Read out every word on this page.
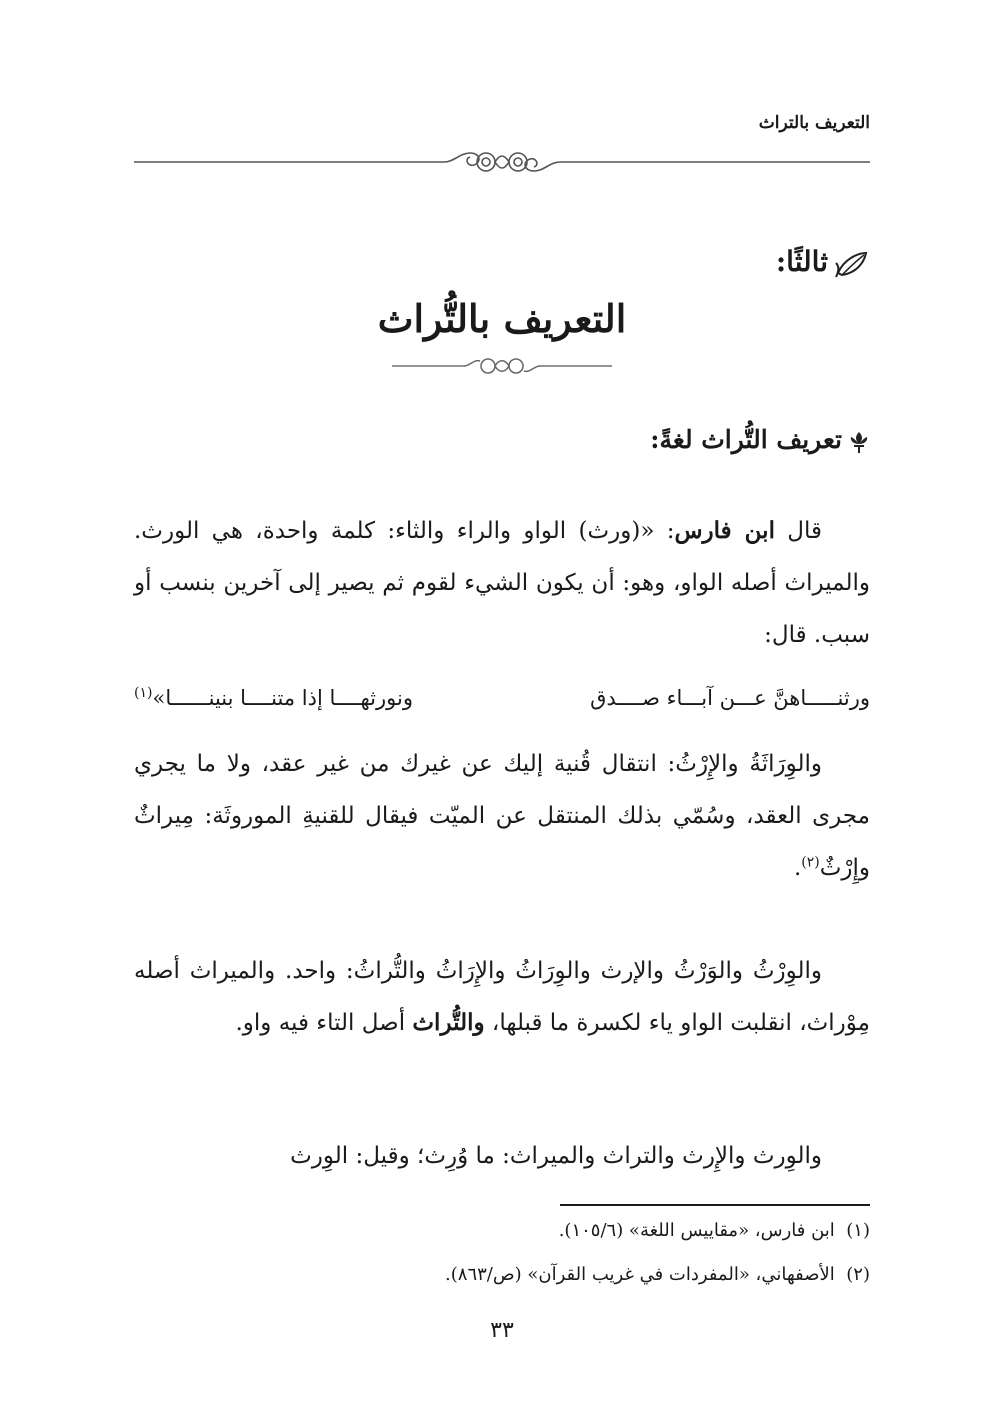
التعريف بالتراث
ثالثًا:
التعريف بالتُّراث
تعريف التُّراث لغةً:
قال ابن فارس: «(ورث) الواو والراء والثاء: كلمة واحدة، هي الورث. والميراث أصله الواو، وهو: أن يكون الشيء لقوم ثم يصير إلى آخرين بنسب أو سبب. قال:
ورثنـــــاهنَّ عـــن آبـــاء صــــدق
ونورثهــــا إذا متنــــا بنينــــــا»$^{(١)}$
والوِرَاثَةُ والإِرْثُ: انتقال قُنية إليك عن غيرك من غير عقد، ولا ما يجري مجرى العقد، وسُمّي بذلك المنتقل عن الميّت فيقال للقنيةِ الموروثَة: مِيراثٌ وإِرْثٌ$^{(٢)}$.
والوِرْثُ والوَرْثُ والإرث والوِرَاثُ والإِرَاثُ والتُّراثُ: واحد. والميراث أصله مِوْراث، انقلبت الواو ياء لكسرة ما قبلها، والتُّراث أصل التاء فيه واو.
والوِرث والإِرث والتراث والميراث: ما وُرِث؛ وقيل: الوِرث
(١)  ابن فارس، «مقاييس اللغة» (١٠٥/٦).
(٢)  الأصفهاني، «المفردات في غريب القرآن» (ص/٨٦٣).
٣٣
